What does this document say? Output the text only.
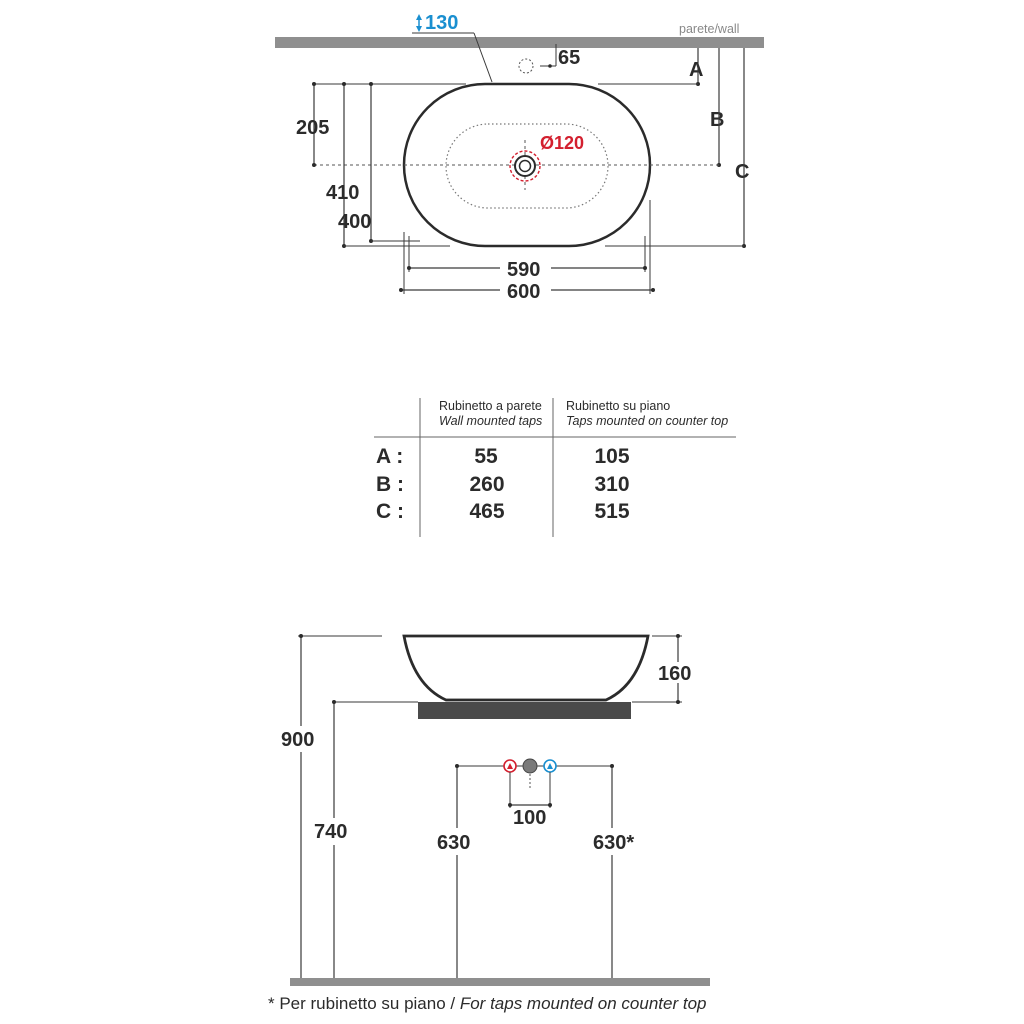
parete/wall
130
65
A
B
C
Ø120
205
410
400
590
600
Rubinetto a parete
Wall mounted taps
Rubinetto su piano
Taps mounted on counter top
A :	55	105
B :	260	310
C :	465	515
160
900
740
100
630	630*
* Per rubinetto su piano / For taps mounted on counter top
